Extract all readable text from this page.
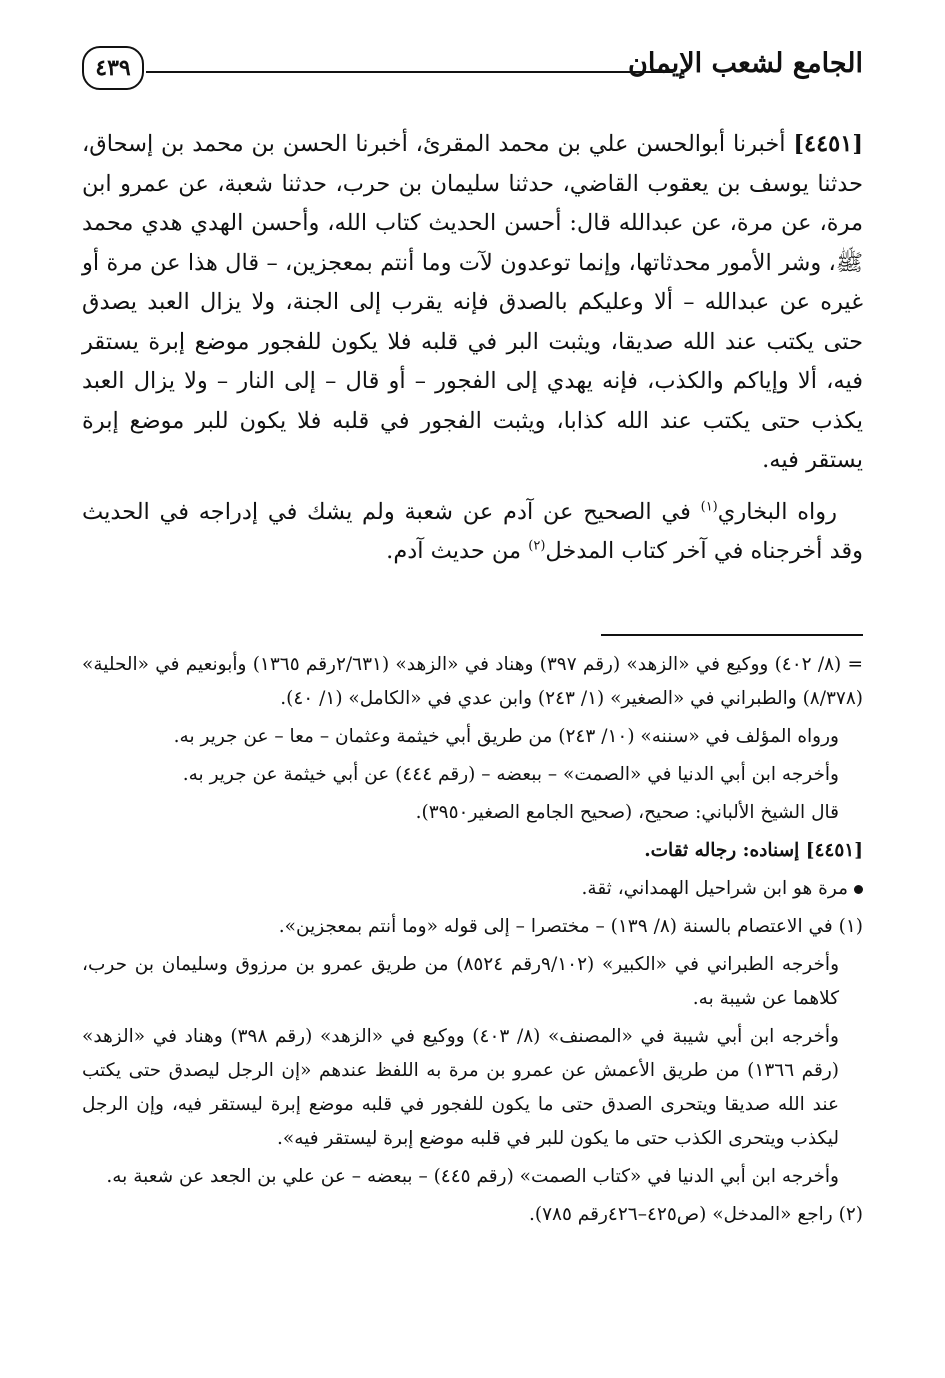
الجامع لشعب الإيمان
٤٣٩

[٤٤٥١] أخبرنا أبوالحسن علي بن محمد المقرئ، أخبرنا الحسن بن محمد بن إسحاق، حدثنا يوسف بن يعقوب القاضي، حدثنا سليمان بن حرب، حدثنا شعبة، عن عمرو ابن مرة، عن مرة، عن عبدالله قال: أحسن الحديث كتاب الله، وأحسن الهدي هدي محمد ﷺ، وشر الأمور محدثاتها، وإنما توعدون لآت وما أنتم بمعجزين، – قال هذا عن مرة أو غيره عن عبدالله – ألا وعليكم بالصدق فإنه يقرب إلى الجنة، ولا يزال العبد يصدق حتى يكتب عند الله صديقا، ويثبت البر في قلبه فلا يكون للفجور موضع إبرة يستقر فيه، ألا وإياكم والكذب، فإنه يهدي إلى الفجور – أو قال – إلى النار – ولا يزال العبد يكذب حتى يكتب عند الله كذابا، ويثبت الفجور في قلبه فلا يكون للبر موضع إبرة يستقر فيه.

رواه البخاري$^{(١)}$ في الصحيح عن آدم عن شعبة ولم يشك في إدراجه في الحديث وقد أخرجناه في آخر كتاب المدخل$^{(٢)}$ من حديث آدم.

= (٨/ ٤٠٢) ووكيع في «الزهد» (رقم ٣٩٧) وهناد في «الزهد» (٢/٦٣١رقم ١٣٦٥) وأبونعيم في «الحلية» (٨/٣٧٨) والطبراني في «الصغير» (١/ ٢٤٣) وابن عدي في «الكامل» (١/ ٤٠).

ورواه المؤلف في «سننه» (١٠/ ٢٤٣) من طريق أبي خيثمة وعثمان – معا – عن جرير به.

وأخرجه ابن أبي الدنيا في «الصمت» – ببعضه – (رقم ٤٤٤) عن أبي خيثمة عن جرير به.

قال الشيخ الألباني: صحيح، (صحيح الجامع الصغير٣٩٥٠).

[٤٤٥١] إسناده: رجاله ثقات.

مرة هو ابن شراحيل الهمداني، ثقة.

(١) في الاعتصام بالسنة (٨/ ١٣٩) – مختصرا – إلى قوله «وما أنتم بمعجزين».

وأخرجه الطبراني في «الكبير» (٩/١٠٢رقم ٨٥٢٤) من طريق عمرو بن مرزوق وسليمان بن حرب، كلاهما عن شيبة به.

وأخرجه ابن أبي شيبة في «المصنف» (٨/ ٤٠٣) ووكيع في «الزهد» (رقم ٣٩٨) وهناد في «الزهد» (رقم ١٣٦٦) من طريق الأعمش عن عمرو بن مرة به اللفظ عندهم «إن الرجل ليصدق حتى يكتب عند الله صديقا ويتحرى الصدق حتى ما يكون للفجور في قلبه موضع إبرة ليستقر فيه، وإن الرجل ليكذب ويتحرى الكذب حتى ما يكون للبر في قلبه موضع إبرة ليستقر فيه».

وأخرجه ابن أبي الدنيا في «كتاب الصمت» (رقم ٤٤٥) – ببعضه – عن علي بن الجعد عن شعبة به.

(٢) راجع «المدخل» (ص٤٢٥–٤٢٦رقم ٧٨٥).
